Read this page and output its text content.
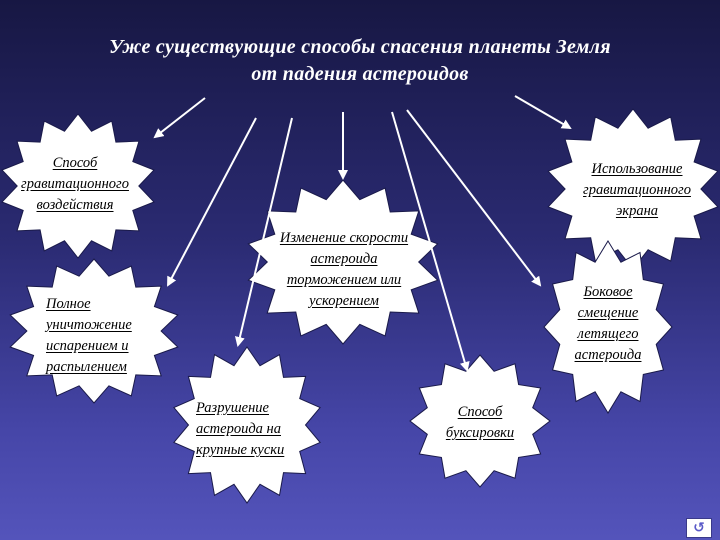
Уже существующие способы спасения планеты Земля
от падения астероидов
Способ
гравитационного
воздействия
Использование
гравитационного
экрана
Изменение скорости
астероида
торможением или
ускорением
Полное
уничтожение
испарением и
распылением
Боковое
смещение
летящего
астероида
Разрушение
астероида на
крупные куски
Способ
буксировки
↺
